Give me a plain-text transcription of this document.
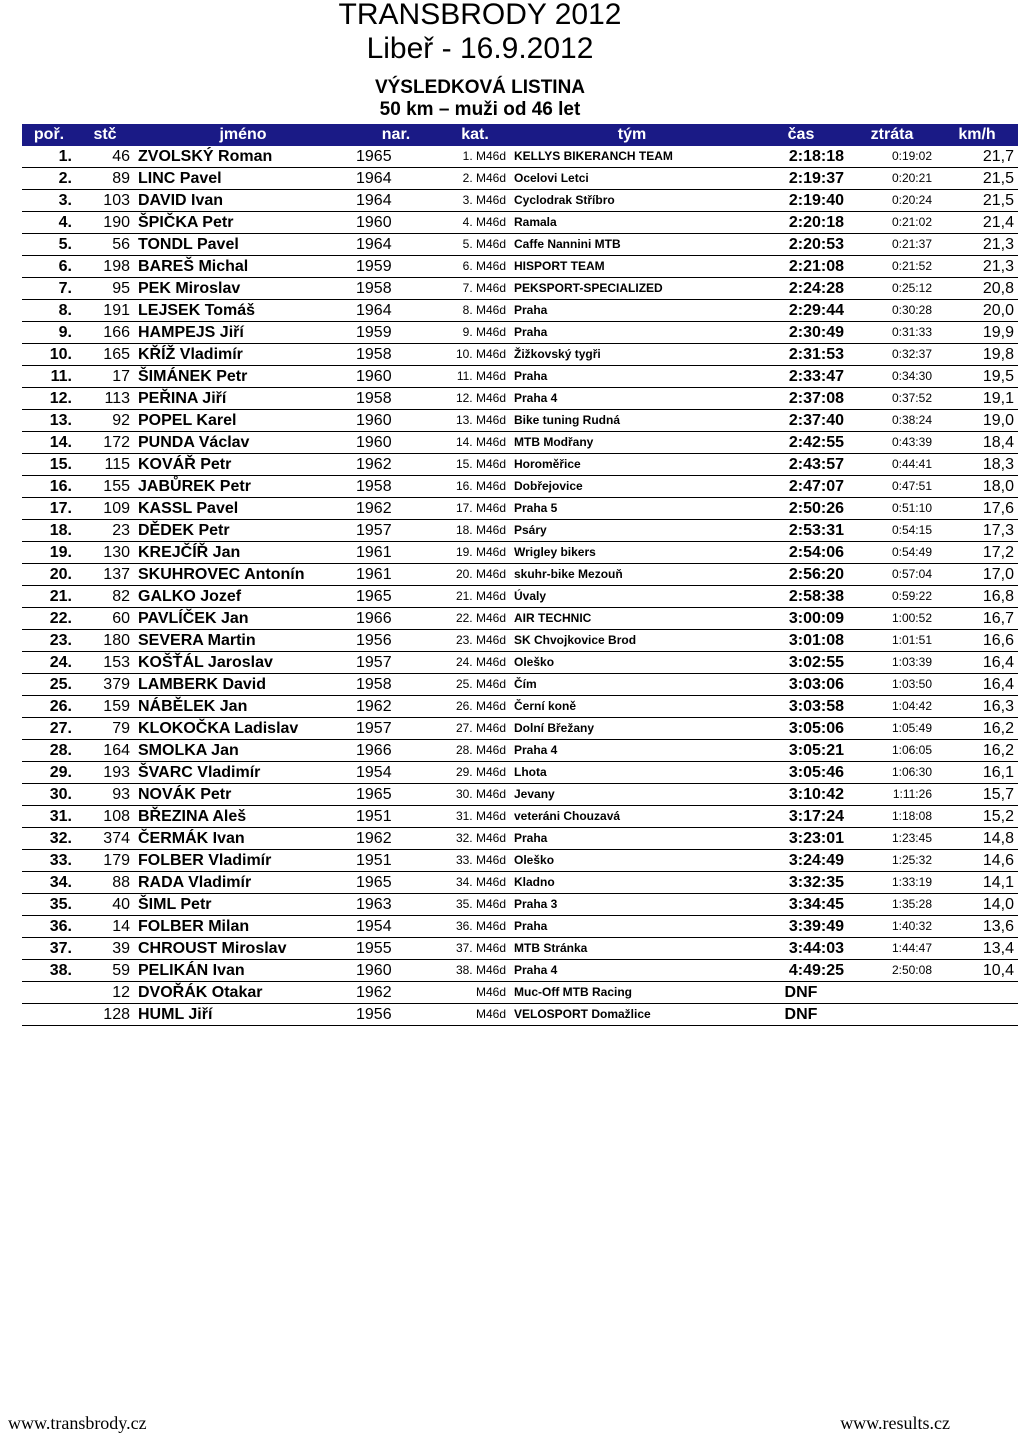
TRANSBRODY 2012
Libeř - 16.9.2012
VÝSLEDKOVÁ LISTINA
50 km – muži od 46 let
poř.	stč	jméno	nar.	kat.	tým	čas	ztráta	km/h
1.	46	ZVOLSKÝ Roman	1965	1. M46d	KELLYS BIKERANCH TEAM	2:18:18	0:19:02	21,7
2.	89	LINC Pavel	1964	2. M46d	Ocelovi Letci	2:19:37	0:20:21	21,5
3.	103	DAVID Ivan	1964	3. M46d	Cyclodrak Stříbro	2:19:40	0:20:24	21,5
4.	190	ŠPIČKA Petr	1960	4. M46d	Ramala	2:20:18	0:21:02	21,4
5.	56	TONDL Pavel	1964	5. M46d	Caffe Nannini MTB	2:20:53	0:21:37	21,3
6.	198	BAREŠ Michal	1959	6. M46d	HISPORT TEAM	2:21:08	0:21:52	21,3
7.	95	PEK Miroslav	1958	7. M46d	PEKSPORT-SPECIALIZED	2:24:28	0:25:12	20,8
8.	191	LEJSEK Tomáš	1964	8. M46d	Praha	2:29:44	0:30:28	20,0
9.	166	HAMPEJS Jiří	1959	9. M46d	Praha	2:30:49	0:31:33	19,9
10.	165	KŘÍŽ Vladimír	1958	10. M46d	Žižkovský tygři	2:31:53	0:32:37	19,8
11.	17	ŠIMÁNEK Petr	1960	11. M46d	Praha	2:33:47	0:34:30	19,5
12.	113	PEŘINA Jiří	1958	12. M46d	Praha 4	2:37:08	0:37:52	19,1
13.	92	POPEL Karel	1960	13. M46d	Bike tuning Rudná	2:37:40	0:38:24	19,0
14.	172	PUNDA Václav	1960	14. M46d	MTB Modřany	2:42:55	0:43:39	18,4
15.	115	KOVÁŘ Petr	1962	15. M46d	Horoměřice	2:43:57	0:44:41	18,3
16.	155	JABŮREK Petr	1958	16. M46d	Dobřejovice	2:47:07	0:47:51	18,0
17.	109	KASSL Pavel	1962	17. M46d	Praha 5	2:50:26	0:51:10	17,6
18.	23	DĚDEK Petr	1957	18. M46d	Psáry	2:53:31	0:54:15	17,3
19.	130	KREJČÍŘ Jan	1961	19. M46d	Wrigley bikers	2:54:06	0:54:49	17,2
20.	137	SKUHROVEC Antonín	1961	20. M46d	skuhr-bike Mezouň	2:56:20	0:57:04	17,0
21.	82	GALKO Jozef	1965	21. M46d	Úvaly	2:58:38	0:59:22	16,8
22.	60	PAVLÍČEK Jan	1966	22. M46d	AIR TECHNIC	3:00:09	1:00:52	16,7
23.	180	SEVERA Martin	1956	23. M46d	SK Chvojkovice Brod	3:01:08	1:01:51	16,6
24.	153	KOŠŤÁL Jaroslav	1957	24. M46d	Oleško	3:02:55	1:03:39	16,4
25.	379	LAMBERK David	1958	25. M46d	Čím	3:03:06	1:03:50	16,4
26.	159	NÁBĚLEK Jan	1962	26. M46d	Černí koně	3:03:58	1:04:42	16,3
27.	79	KLOKOČKA Ladislav	1957	27. M46d	Dolní Břežany	3:05:06	1:05:49	16,2
28.	164	SMOLKA Jan	1966	28. M46d	Praha 4	3:05:21	1:06:05	16,2
29.	193	ŠVARC Vladimír	1954	29. M46d	Lhota	3:05:46	1:06:30	16,1
30.	93	NOVÁK Petr	1965	30. M46d	Jevany	3:10:42	1:11:26	15,7
31.	108	BŘEZINA Aleš	1951	31. M46d	veteráni Chouzavá	3:17:24	1:18:08	15,2
32.	374	ČERMÁK Ivan	1962	32. M46d	Praha	3:23:01	1:23:45	14,8
33.	179	FOLBER Vladimír	1951	33. M46d	Oleško	3:24:49	1:25:32	14,6
34.	88	RADA Vladimír	1965	34. M46d	Kladno	3:32:35	1:33:19	14,1
35.	40	ŠIML Petr	1963	35. M46d	Praha 3	3:34:45	1:35:28	14,0
36.	14	FOLBER Milan	1954	36. M46d	Praha	3:39:49	1:40:32	13,6
37.	39	CHROUST Miroslav	1955	37. M46d	MTB Stránka	3:44:03	1:44:47	13,4
38.	59	PELIKÁN Ivan	1960	38. M46d	Praha 4	4:49:25	2:50:08	10,4
	12	DVOŘÁK Otakar	1962	M46d	Muc-Off MTB Racing	DNF		
	128	HUML Jiří	1956	M46d	VELOSPORT Domažlice	DNF		
www.transbrody.cz	www.results.cz
